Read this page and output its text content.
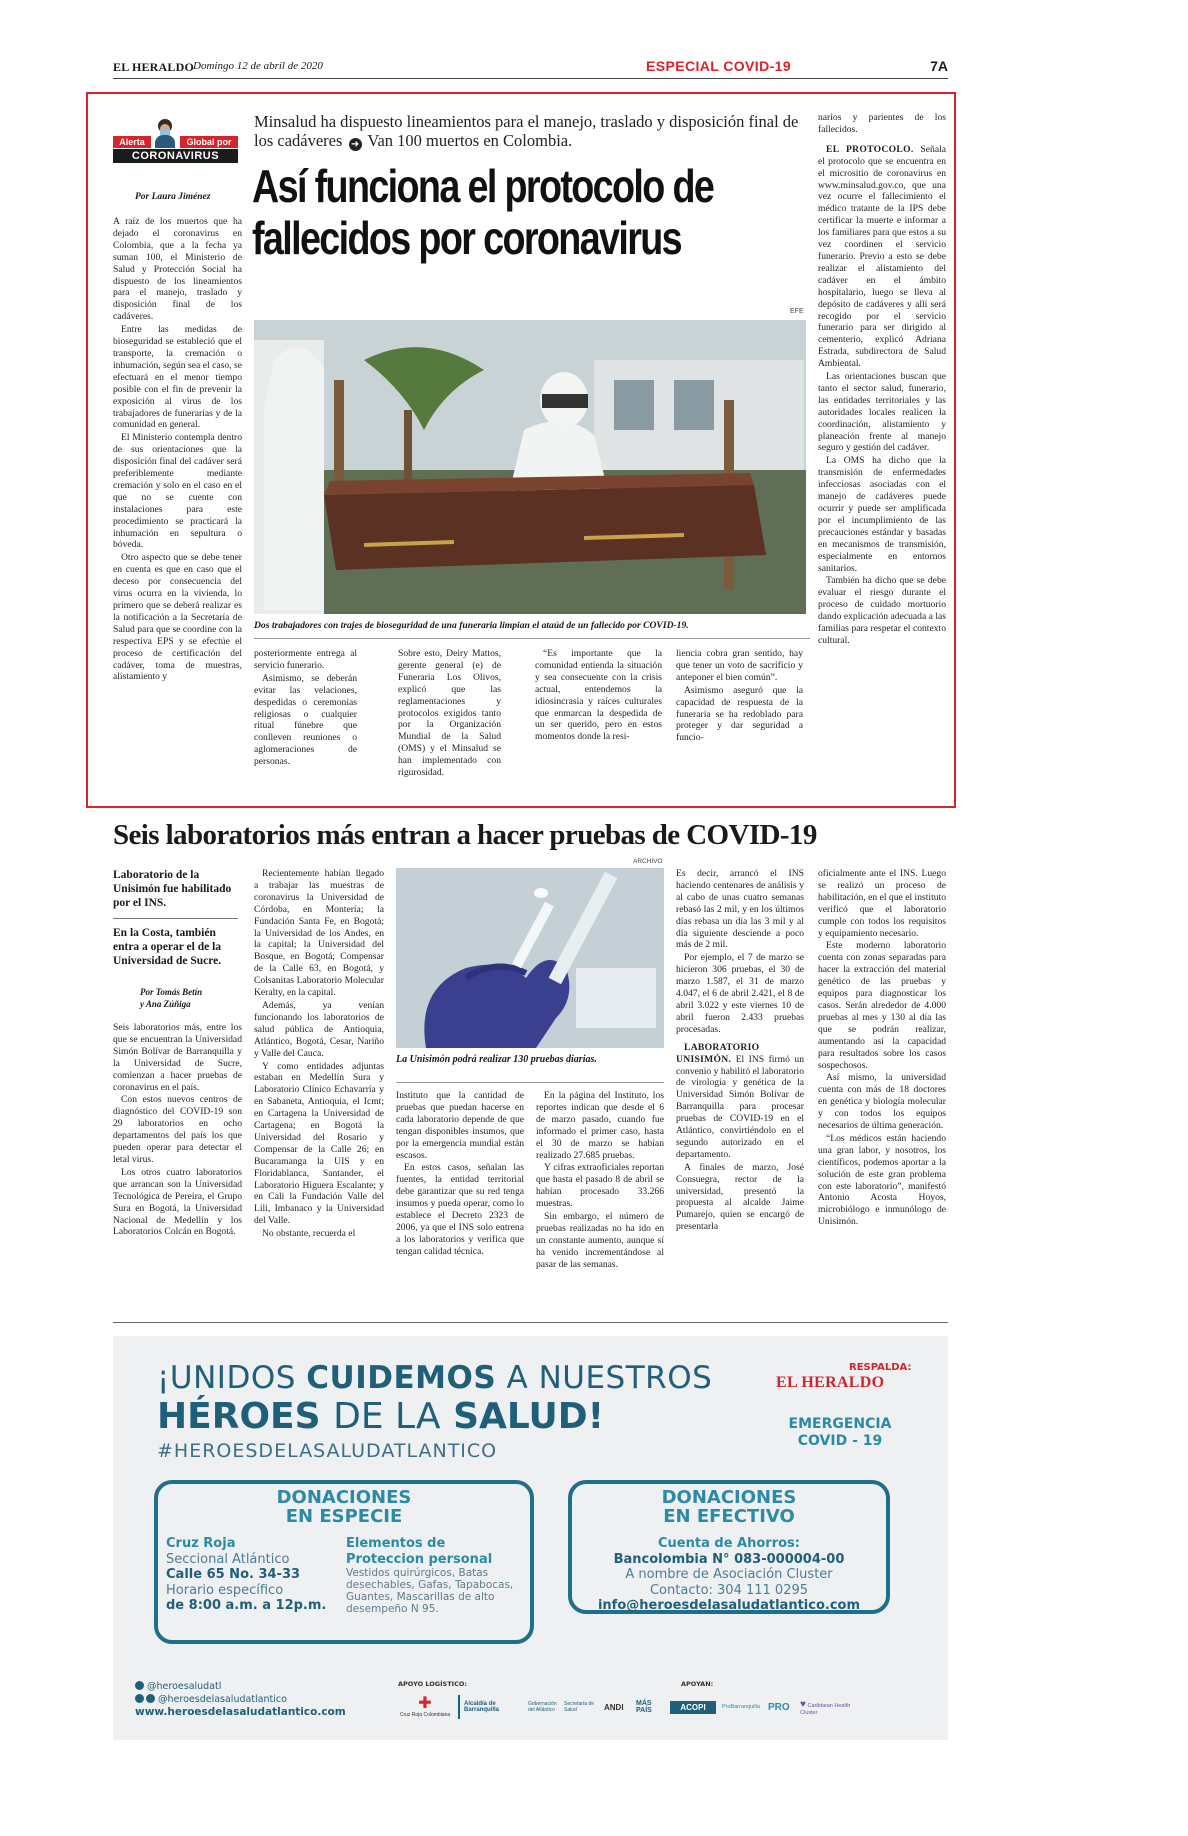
EL HERALDO
Domingo 12 de abril de 2020	ESPECIAL COVID-19	7A
Alerta	Global por
CORONAVIRUS
Minsalud ha dispuesto lineamientos para el manejo, traslado y disposición final de los cadáveres ➜ Van 100 muertos en Colombia.
Así funciona el protocolo de
fallecidos por coronavirus
Por Laura Jiménez

A raíz de los muertos que ha dejado el coronavirus en Colombia, que a la fecha ya suman 100, el Ministerio de Salud y Protección Social ha dispuesto de los lineamientos para el manejo, traslado y disposición final de los cadáveres.

Entre las medidas de bioseguridad se estableció que el transporte, la cremación o inhumación, según sea el caso, se efectuará en el menor tiempo posible con el fin de prevenir la exposición al virus de los trabajadores de funerarias y de la comunidad en general.

El Ministerio contempla dentro de sus orientaciones que la disposición final del cadáver será preferiblemente mediante cremación y solo en el caso en el que no se cuente con instalaciones para este procedimiento se practicará la inhumación en sepultura o bóveda.

Otro aspecto que se debe tener en cuenta es que en caso que el deceso por consecuencia del virus ocurra en la vivienda, lo primero que se deberá realizar es la notificación a la Secretaría de Salud para que se coordine con la respectiva EPS y se efectúe el proceso de certificación del cadáver, toma de muestras, alistamiento y

EFE
Dos trabajadores con trajes de bioseguridad de una funeraria limpian el ataúd de un fallecido por COVID-19.

posteriormente entrega al servicio funerario.

Asimismo, se deberán evitar las velaciones, despedidas o ceremonias religiosas o cualquier ritual fúnebre que conlleven reuniones o aglomeraciones de personas.

Sobre esto, Deiry Mattos, gerente general (e) de Funeraria Los Olivos, explicó que las reglamentaciones y protocolos exigidos tanto por la Organización Mundial de la Salud (OMS) y el Minsalud se han implementado con rigurosidad.

“Es importante que la comunidad entienda la situación y sea consecuente con la crisis actual, entendemos la idiosincrasia y raíces culturales que enmarcan la despedida de un ser querido, pero en estos momentos donde la resi-

liencia cobra gran sentido, hay que tener un voto de sacrificio y anteponer el bien común”.

Asimismo aseguró que la capacidad de respuesta de la funeraria se ha redoblado para proteger y dar seguridad a funcio-

narios y parientes de los fallecidos.

EL PROTOCOLO. Señala el protocolo que se encuentra en el micrositio de coronavirus en www.minsalud.gov.co, que una vez ocurre el fallecimiento el médico tratante de la IPS debe certificar la muerte e informar a los familiares para que estos a su vez coordinen el servicio funerario. Previo a esto se debe realizar el alistamiento del cadáver en el ámbito hospitalario, luego se lleva al depósito de cadáveres y allí será recogido por el servicio funerario para ser dirigido al cementerio, explicó Adriana Estrada, subdirectora de Salud Ambiental.

Las orientaciones buscan que tanto el sector salud, funerario, las entidades territoriales y las autoridades locales realicen la coordinación, alistamiento y planeación frente al manejo seguro y gestión del cadáver.

La OMS ha dicho que la transmisión de enfermedades infecciosas asociadas con el manejo de cadáveres puede ocurrir y puede ser amplificada por el incumplimiento de las precauciones estándar y basadas en mecanismos de transmisión, especialmente en entornos sanitarios.

También ha dicho que se debe evaluar el riesgo durante el proceso de cuidado mortuorio dando explicación adecuada a las familias para respetar el contexto cultural.

Seis laboratorios más entran a hacer pruebas de COVID-19
Laboratorio de la Unisimón fue habilitado por el INS.
En la Costa, también entra a operar el de la Universidad de Sucre.
Por Tomás Betín
y Ana Zúñiga

Seis laboratorios más, entre los que se encuentran la Universidad Simón Bolívar de Barranquilla y la Universidad de Sucre, comienzan a hacer pruebas de coronavirus en el país.

Con estos nuevos centros de diagnóstico del COVID-19 son 29 laboratorios en ocho departamentos del país los que pueden operar para detectar el letal virus.

Los otros cuatro laboratorios que arrancan son la Universidad Tecnológica de Pereira, el Grupo Sura en Bogotá, la Universidad Nacional de Medellín y los Laboratorios Colcán en Bogotá.

Recientemente habían llegado a trabajar las muestras de coronavirus la Universidad de Córdoba, en Montería; la Fundación Santa Fe, en Bogotá; la Universidad de los Andes, en la capital; la Universidad del Bosque, en Bogotá; Compensar de la Calle 63, en Bogotá, y Colsanitas Laboratorio Molecular Keralty, en la capital.

Además, ya venían funcionando los laboratorios de salud pública de Antioquia, Atlántico, Bogotá, Cesar, Nariño y Valle del Cauca.

Y como entidades adjuntas estaban en Medellín Sura y Laboratorio Clínico Echavarría y en Sabaneta, Antioquia, el Icmt; en Cartagena la Universidad de Cartagena; en Bogotá la Universidad del Rosario y Compensar de la Calle 26; en Bucaramanga la UIS y en Floridablanca, Santander, el Laboratorio Higuera Escalante; y en Cali la Fundación Valle del Lili, Imbanaco y la Universidad del Valle.

No obstante, recuerda el

ARCHIVO
La Unisimón podrá realizar 130 pruebas diarias.

Instituto que la cantidad de pruebas que puedan hacerse en cada laboratorio depende de que tengan disponibles insumos, que por la emergencia mundial están escasos.

En estos casos, señalan las fuentes, la entidad territorial debe garantizar que su red tenga insumos y pueda operar, como lo establece el Decreto 2323 de 2006, ya que el INS solo entrena a los laboratorios y verifica que tengan calidad técnica.

En la página del Instituto, los reportes indican que desde el 6 de marzo pasado, cuando fue informado el primer caso, hasta el 30 de marzo se habían realizado 27.685 pruebas.

Y cifras extraoficiales reportan que hasta el pasado 8 de abril se habían procesado 33.266 muestras.

Sin embargo, el número de pruebas realizadas no ha ido en un constante aumento, aunque sí ha venido incrementándose al pasar de las semanas.

Es decir, arrancó el INS haciendo centenares de análisis y al cabo de unas cuatro semanas rebasó las 2 mil, y en los últimos días rebasa un día las 3 mil y al día siguiente desciende a poco más de 2 mil.

Por ejemplo, el 7 de marzo se hicieron 306 pruebas, el 30 de marzo 1.587, el 31 de marzo 4.047, el 6 de abril 2.421, el 8 de abril 3.022 y este viernes 10 de abril fueron 2.433 pruebas procesadas.

LABORATORIO UNISIMÓN. El INS firmó un convenio y habilitó el laboratorio de virología y genética de la Universidad Simón Bolívar de Barranquilla para procesar pruebas de COVID-19 en el Atlántico, convirtiéndolo en el segundo autorizado en el departamento.

A finales de marzo, José Consuegra, rector de la universidad, presentó la propuesta al alcalde Jaime Pumarejo, quien se encargó de presentarla

oficialmente ante el INS. Luego se realizó un proceso de habilitación, en el que el instituto verificó que el laboratorio cumple con todos los requisitos y equipamiento necesario.

Este moderno laboratorio cuenta con zonas separadas para hacer la extracción del material genético de las pruebas y equipos para diagnosticar los casos. Serán alrededor de 4.000 pruebas al mes y 130 al día las que se podrán realizar, aumentando así la capacidad para resultados sobre los casos sospechosos.

Así mismo, la universidad cuenta con más de 18 doctores en genética y biología molecular y con todos los equipos necesarios de última generación.

“Los médicos están haciendo una gran labor, y nosotros, los científicos, podemos aportar a la solución de este gran problema con este laboratorio”, manifestó Antonio Acosta Hoyos, microbiólogo e inmunólogo de Unisimón.

¡UNIDOS CUIDEMOS A NUESTROS
HÉROES DE LA SALUD!
#HEROESDELASALUDATLANTICO
RESPALDA:
EL HERALDO
EMERGENCIA
COVID - 19
DONACIONES
EN ESPECIE
Cruz Roja
Seccional Atlántico
Calle 65 No. 34-33
Horario específico
de 8:00 a.m. a 12p.m.
Elementos de
Proteccion personal
Vestidos quirúrgicos, Batas desechables, Gafas, Tapabocas, Guantes, Mascarillas de alto desempeño N 95.
DONACIONES
EN EFECTIVO
Cuenta de Ahorros:
Bancolombia N° 083-000004-00
A nombre de Asociación Cluster
Contacto: 304 111 0295
info@heroesdelasaludatlantico.com
@heroesaludatl
@heroesdelasaludatlantico
www.heroesdelasaludatlantico.com
APOYO LOGÍSTICO:	APOYAN:
✚
Cruz Roja Colombiana
Alcaldía de Barranquilla
Gobernación del Atlántico
Secretaría de Salud	ANDI	MÁS PAÍS	ACOPI	ProBarranquilla PRO	♥ Caribbean Health Cluster
